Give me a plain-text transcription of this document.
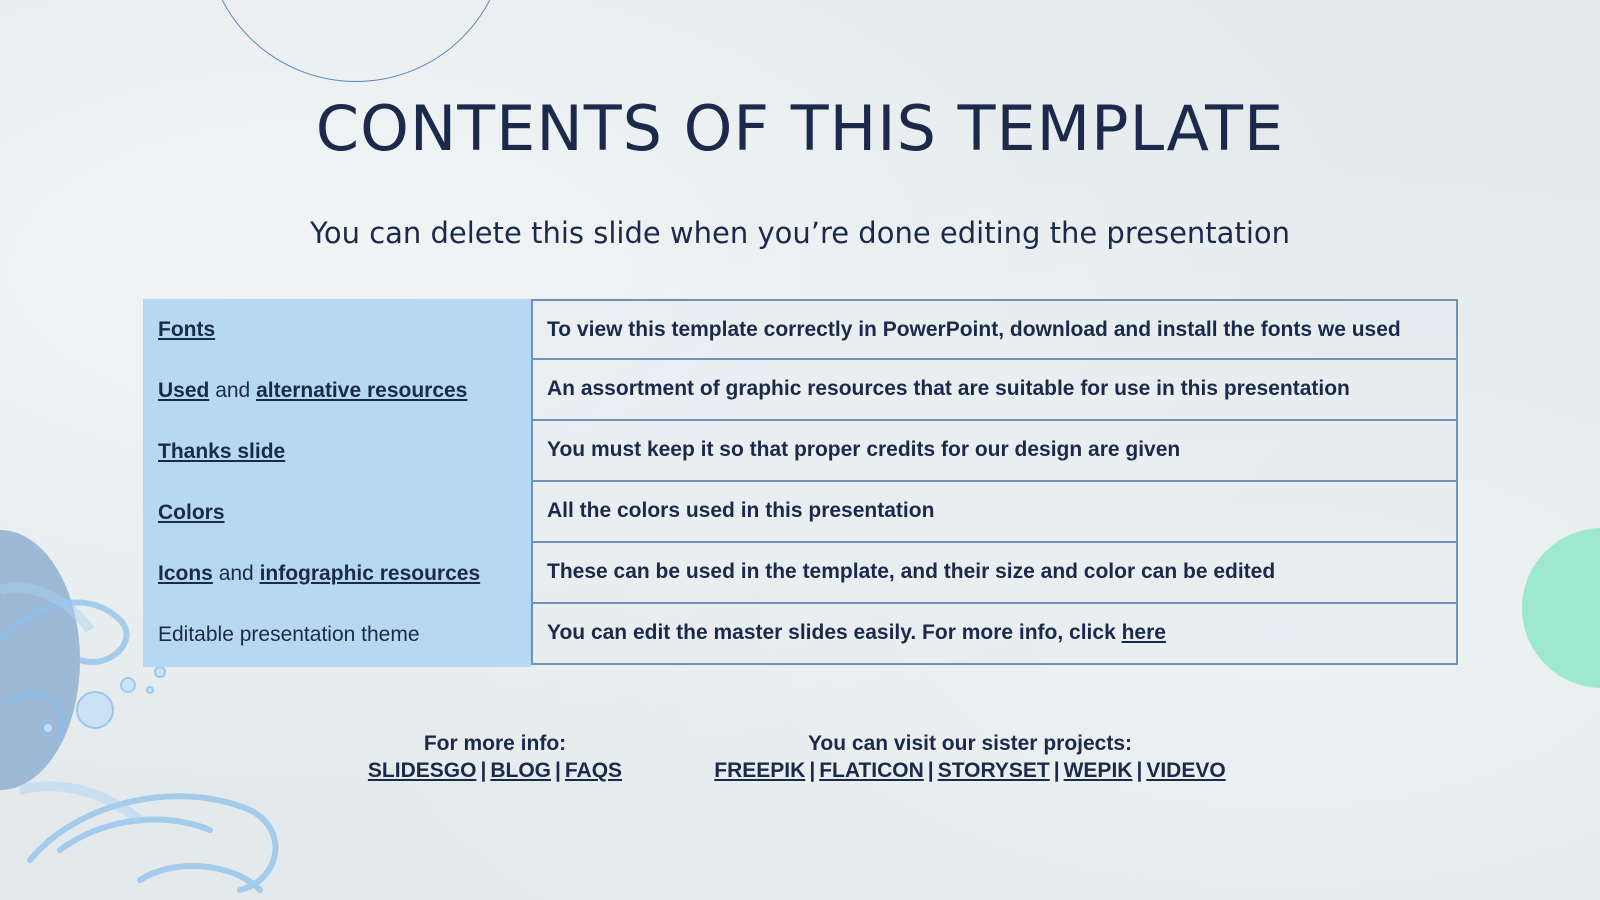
CONTENTS OF THIS TEMPLATE
You can delete this slide when you’re done editing the presentation
Fonts	To view this template correctly in PowerPoint, download and install the fonts we used
Used and alternative resources	An assortment of graphic resources that are suitable for use in this presentation
Thanks slide	You must keep it so that proper credits for our design are given
Colors	All the colors used in this presentation
Icons and infographic resources	These can be used in the template, and their size and color can be edited
Editable presentation theme	You can edit the master slides easily. For more info, click here
For more info:
SLIDESGO | BLOG | FAQS
You can visit our sister projects:
FREEPIK | FLATICON | STORYSET | WEPIK | VIDEVO
